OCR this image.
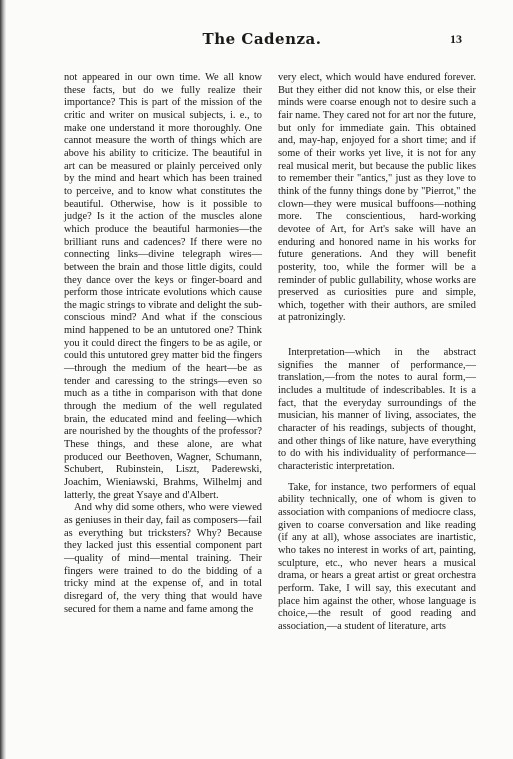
The Cadenza.	13

not appeared in our own time. We all know these facts, but do we fully realize their importance? This is part of the mission of the critic and writer on musical subjects, i. e., to make one understand it more thoroughly. One cannot measure the worth of things which are above his ability to criticize. The beautiful in art can be measured or plainly perceived only by the mind and heart which has been trained to perceive, and to know what constitutes the beautiful. Otherwise, how is it possible to judge? Is it the action of the muscles alone which produce the beautiful harmonies—the brilliant runs and cadences? If there were no connecting links—divine telegraph wires—between the brain and those little digits, could they dance over the keys or finger-board and perform those intricate evolutions which cause the magic strings to vibrate and delight the sub-conscious mind? And what if the conscious mind happened to be an untutored one? Think you it could direct the fingers to be as agile, or could this untutored grey matter bid the fingers—through the medium of the heart—be as tender and caressing to the strings—even so much as a tithe in comparison with that done through the medium of the well regulated brain, the educated mind and feeling—which are nourished by the thoughts of the professor? These things, and these alone, are what produced our Beethoven, Wagner, Schumann, Schubert, Rubinstein, Liszt, Paderewski, Joachim, Wieniawski, Brahms, Wilhelmj and latterly, the great Ysaye and d'Albert.

And why did some others, who were viewed as geniuses in their day, fail as composers—fail as everything but tricksters? Why? Because they lacked just this essential component part—quality of mind—mental training. Their fingers were trained to do the bidding of a tricky mind at the expense of, and in total disregard of, the very thing that would have secured for them a name and fame among the

very elect, which would have endured forever. But they either did not know this, or else their minds were coarse enough not to desire such a fair name. They cared not for art nor the future, but only for immediate gain. This obtained and, may-hap, enjoyed for a short time; and if some of their works yet live, it is not for any real musical merit, but because the public likes to remember their "antics," just as they love to think of the funny things done by "Pierrot," the clown—they were musical buffoons—nothing more. The conscientious, hard-working devotee of Art, for Art's sake will have an enduring and honored name in his works for future generations. And they will benefit posterity, too, while the former will be a reminder of public gullability, whose works are preserved as curiosities pure and simple, which, together with their authors, are smiled at patronizingly.

Interpretation—which in the abstract signifies the manner of performance,—translation,—from the notes to aural form,—includes a multitude of indescribables. It is a fact, that the everyday surroundings of the musician, his manner of living, associates, the character of his readings, subjects of thought, and other things of like nature, have everything to do with his individuality of performance—characteristic interpretation.

Take, for instance, two performers of equal ability technically, one of whom is given to association with companions of mediocre class, given to coarse conversation and like reading (if any at all), whose associates are inartistic, who takes no interest in works of art, painting, sculpture, etc., who never hears a musical drama, or hears a great artist or great orchestra perform. Take, I will say, this executant and place him against the other, whose language is choice,—the result of good reading and association,—a student of literature, arts
